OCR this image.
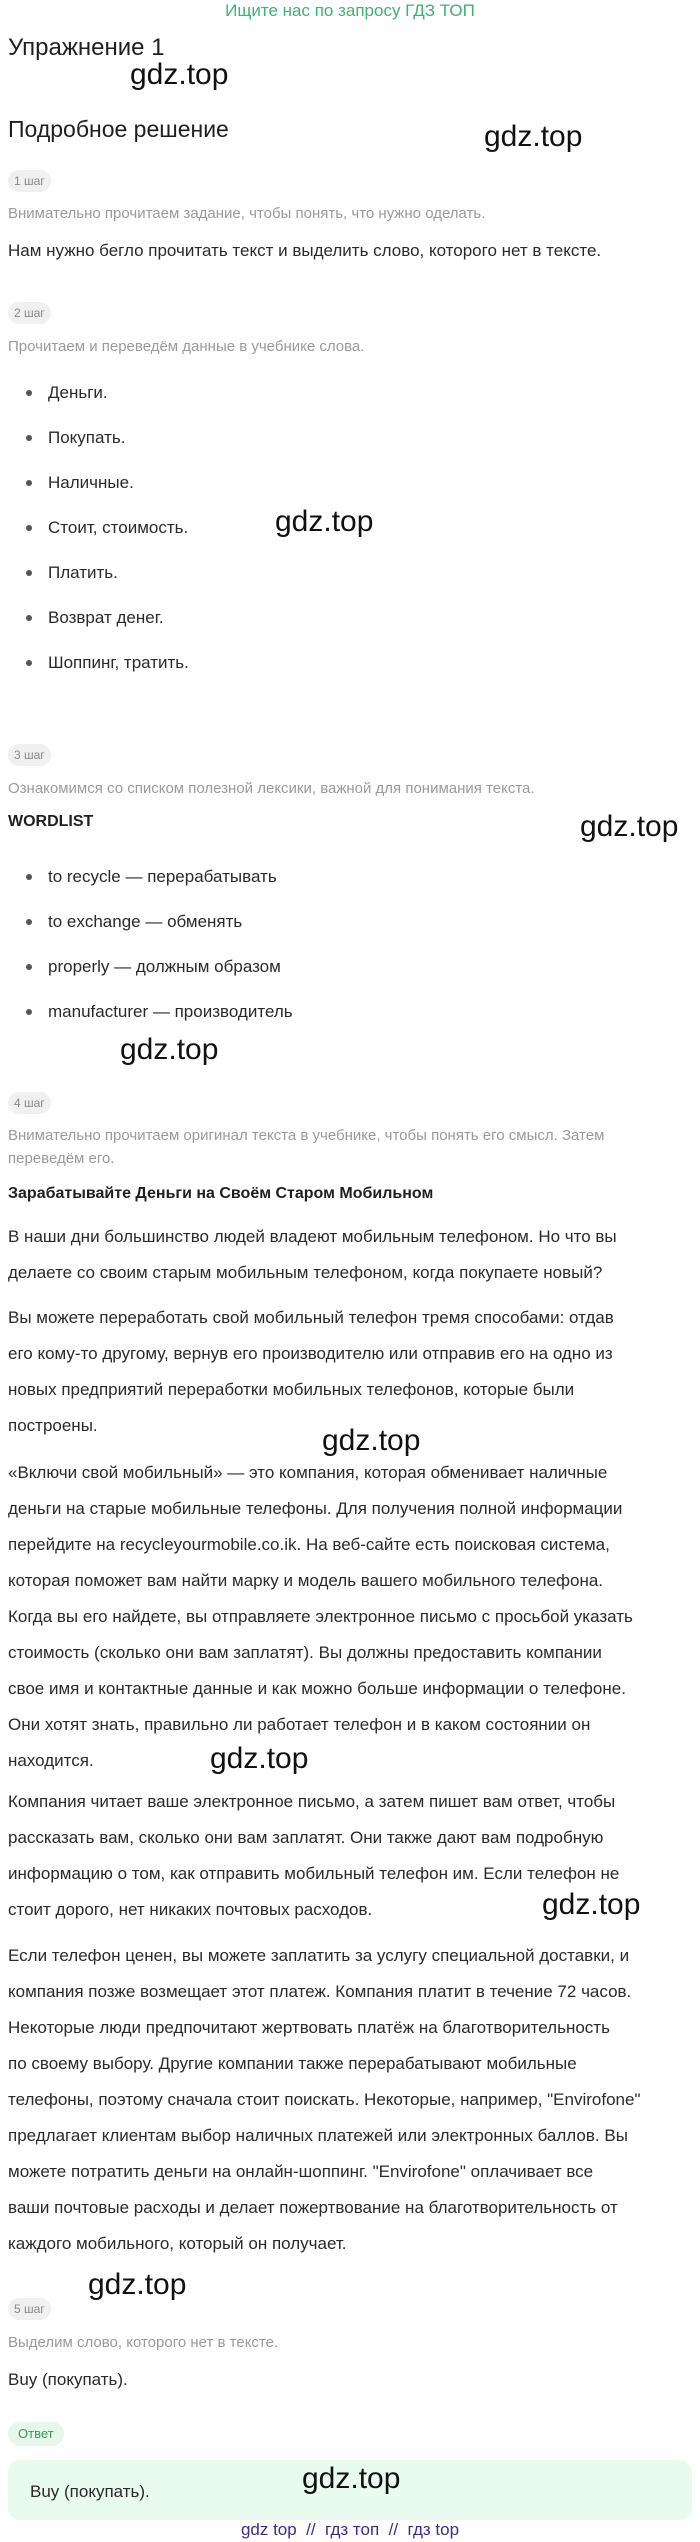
Ищите нас по запросу ГДЗ ТОП
Упражнение 1
gdz.top
Подробное решение	gdz.top
1 шаг
Внимательно прочитаем задание, чтобы понять, что нужно оделать.
Нам нужно бегло прочитать текст и выделить слово, которого нет в тексте.
2 шаг
Прочитаем и переведём данные в учебнике слова.
Деньги.
Покупать.
Наличные.
Стоит, стоимость.
Платить.
Возврат денег.
Шоппинг, тратить.
gdz.top
3 шаг
Ознакомимся со списком полезной лексики, важной для понимания текста.
WORDLIST	gdz.top
to recycle — перерабатывать
to exchange — обменять
properly — должным образом
manufacturer — производитель
gdz.top
4 шаг
Внимательно прочитаем оригинал текста в учебнике, чтобы понять его смысл. Затем
переведём его.
Зарабатывайте Деньги на Своём Старом Мобильном
В наши дни большинство людей владеют мобильным телефоном. Но что вы
делаете со своим старым мобильным телефоном, когда покупаете новый?
Вы можете переработать свой мобильный телефон тремя способами: отдав
его кому-то другому, вернув его производителю или отправив его на одно из
новых предприятий переработки мобильных телефонов, которые были
построены.	gdz.top
«Включи свой мобильный» — это компания, которая обменивает наличные
деньги на старые мобильные телефоны. Для получения полной информации
перейдите на recycleyourmobile.co.ik. На веб-сайте есть поисковая система,
которая поможет вам найти марку и модель вашего мобильного телефона.
Когда вы его найдете, вы отправляете электронное письмо с просьбой указать
стоимость (сколько они вам заплатят). Вы должны предоставить компании
свое имя и контактные данные и как можно больше информации о телефоне.
Они хотят знать, правильно ли работает телефон и в каком состоянии он
находится.	gdz.top
Компания читает ваше электронное письмо, а затем пишет вам ответ, чтобы
рассказать вам, сколько они вам заплатят. Они также дают вам подробную
информацию о том, как отправить мобильный телефон им. Если телефон не
стоит дорого, нет никаких почтовых расходов.	gdz.top
Если телефон ценен, вы можете заплатить за услугу специальной доставки, и
компания позже возмещает этот платеж. Компания платит в течение 72 часов.
Некоторые люди предпочитают жертвовать платёж на благотворительность
по своему выбору. Другие компании также перерабатывают мобильные
телефоны, поэтому сначала стоит поискать. Некоторые, например, "Envirofone"
предлагает клиентам выбор наличных платежей или электронных баллов. Вы
можете потратить деньги на онлайн-шоппинг. "Envirofone" оплачивает все
ваши почтовые расходы и делает пожертвование на благотворительность от
каждого мобильного, который он получает.
gdz.top
5 шаг
Выделим слово, которого нет в тексте.
Buy (покупать).
Ответ
Buy (покупать).	gdz.top
gdz top  //  гдз топ  //  гдз top
